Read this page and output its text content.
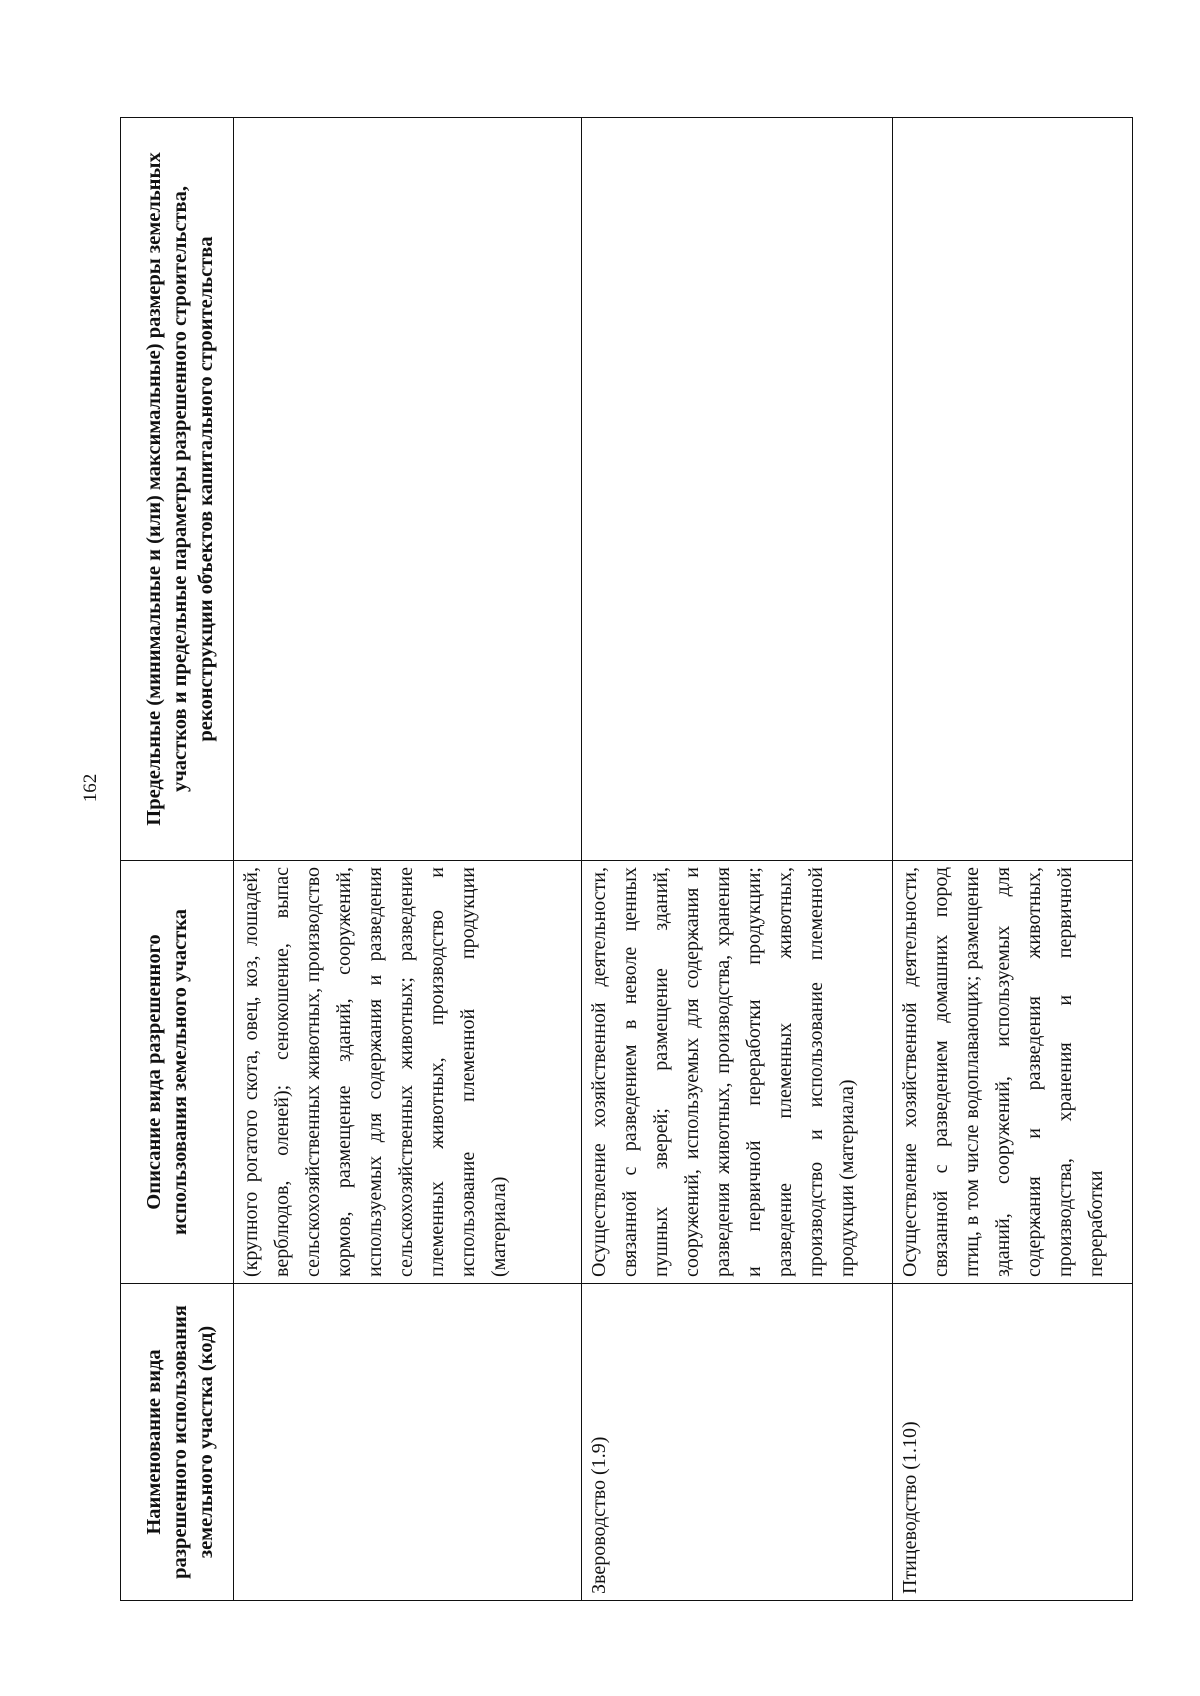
162
Наименование вида разрешенного использования земельного участка (код)	Описание вида разрешенного использования земельного участка	Предельные (минимальные и (или) максимальные) размеры земельных участков и предельные параметры разрешенного строительства, реконструкции объектов капитального строительства
	(крупного рогатого скота, овец, коз, лошадей, верблюдов, оленей); сенокошение, выпас сельскохозяйственных животных, производство кормов, размещение зданий, сооружений, используемых для содержания и разведения сельскохозяйственных животных; разведение племенных животных, производство и использование племенной продукции (материала)	
Звероводство (1.9)	Осуществление хозяйственной деятельности, связанной с разведением в неволе ценных пушных зверей; размещение зданий, сооружений, используемых для содержания и разведения животных, производства, хранения и первичной переработки продукции; разведение племенных животных, производство и использование племенной продукции (материала)	
Птицеводство (1.10)	Осуществление хозяйственной деятельности, связанной с разведением домашних пород птиц, в том числе водоплавающих; размещение зданий, сооружений, используемых для содержания и разведения животных, производства, хранения и первичной переработки	
